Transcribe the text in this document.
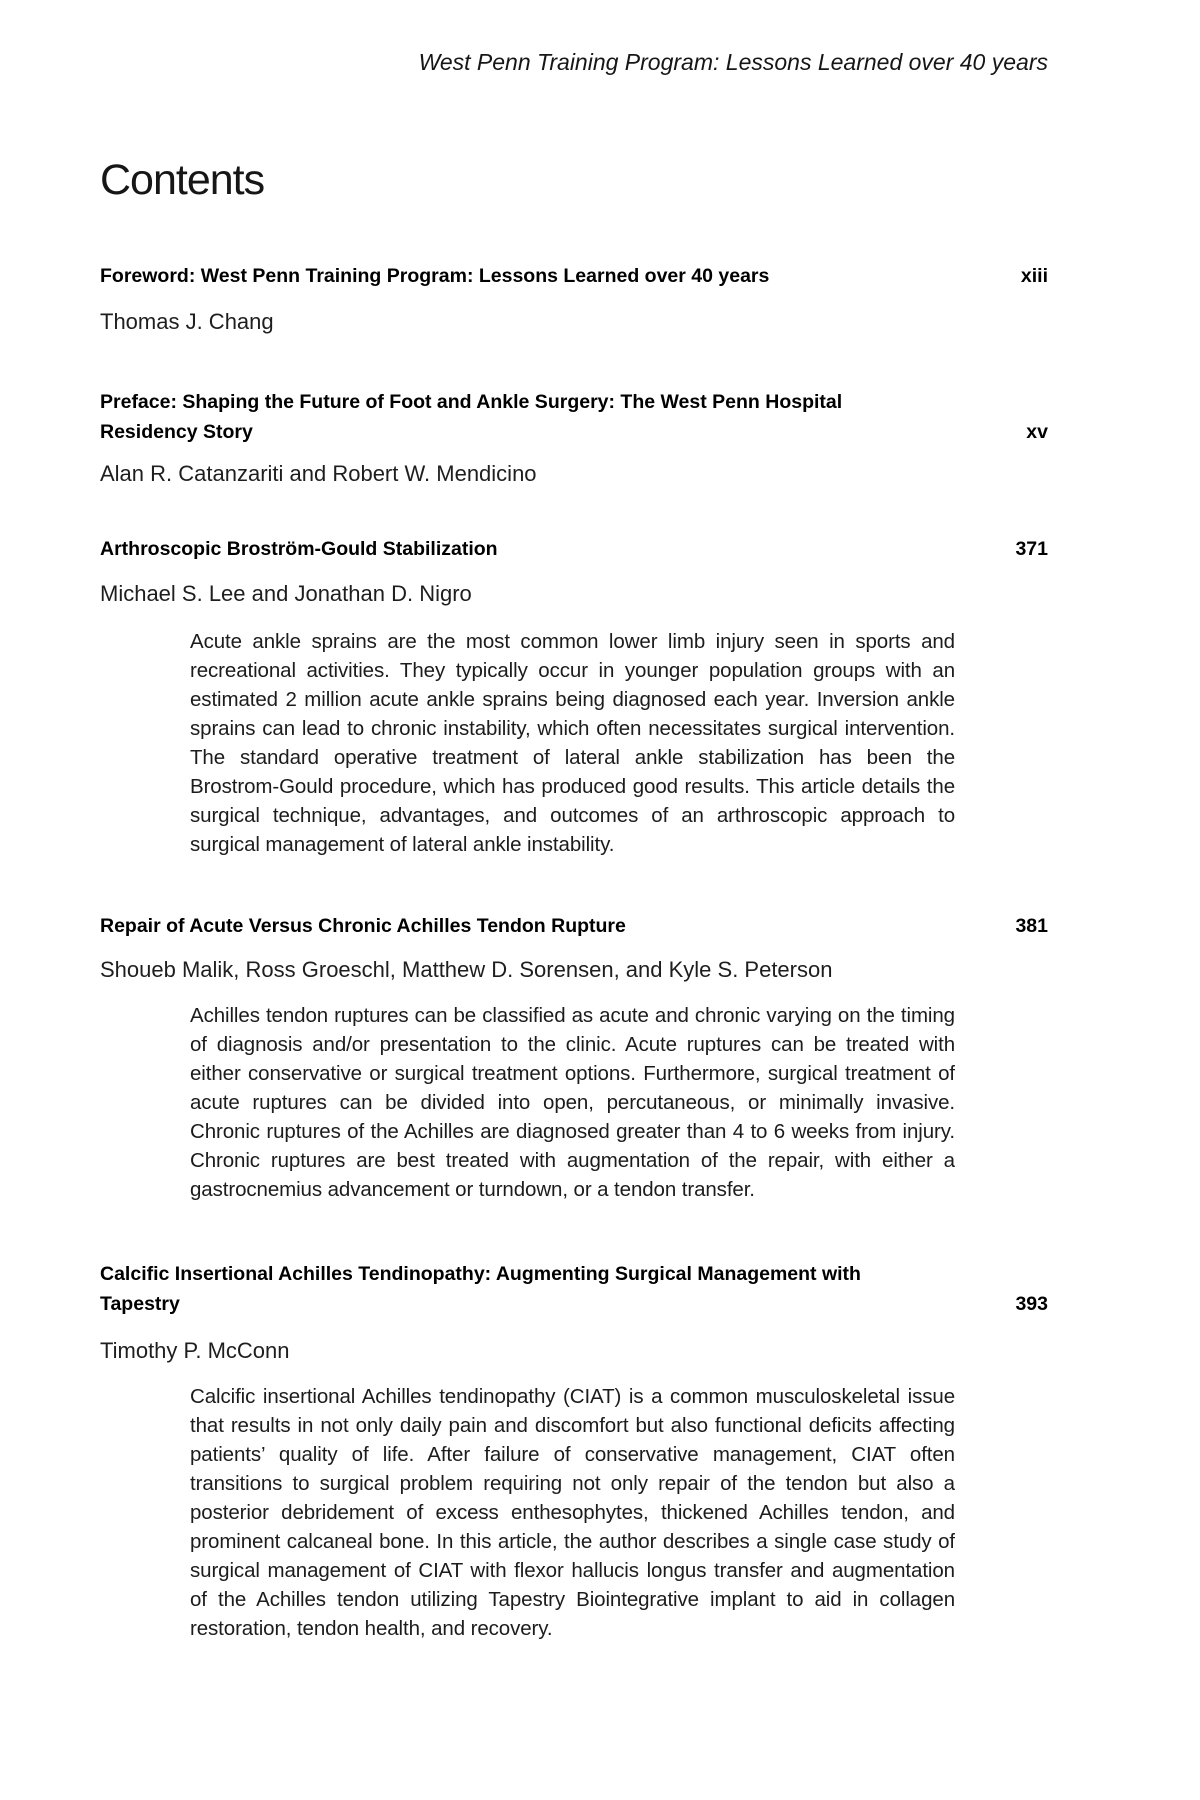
West Penn Training Program: Lessons Learned over 40 years
Contents
Foreword: West Penn Training Program: Lessons Learned over 40 years	xiii
Thomas J. Chang
Preface: Shaping the Future of Foot and Ankle Surgery: The West Penn Hospital
Residency Story	xv
Alan R. Catanzariti and Robert W. Mendicino
Arthroscopic Broström-Gould Stabilization	371
Michael S. Lee and Jonathan D. Nigro
Acute ankle sprains are the most common lower limb injury seen in sports and recreational activities. They typically occur in younger population groups with an estimated 2 million acute ankle sprains being diagnosed each year. Inversion ankle sprains can lead to chronic instability, which often necessitates surgical intervention. The standard operative treatment of lateral ankle stabilization has been the Brostrom-Gould procedure, which has produced good results. This article details the surgical technique, advantages, and outcomes of an arthroscopic approach to surgical management of lateral ankle instability.
Repair of Acute Versus Chronic Achilles Tendon Rupture	381
Shoueb Malik, Ross Groeschl, Matthew D. Sorensen, and Kyle S. Peterson
Achilles tendon ruptures can be classified as acute and chronic varying on the timing of diagnosis and/or presentation to the clinic. Acute ruptures can be treated with either conservative or surgical treatment options. Furthermore, surgical treatment of acute ruptures can be divided into open, percutaneous, or minimally invasive. Chronic ruptures of the Achilles are diagnosed greater than 4 to 6 weeks from injury. Chronic ruptures are best treated with augmentation of the repair, with either a gastrocnemius advancement or turndown, or a tendon transfer.
Calcific Insertional Achilles Tendinopathy: Augmenting Surgical Management with
Tapestry	393
Timothy P. McConn
Calcific insertional Achilles tendinopathy (CIAT) is a common musculoskeletal issue that results in not only daily pain and discomfort but also functional deficits affecting patients’ quality of life. After failure of conservative management, CIAT often transitions to surgical problem requiring not only repair of the tendon but also a posterior debridement of excess enthesophytes, thickened Achilles tendon, and prominent calcaneal bone. In this article, the author describes a single case study of surgical management of CIAT with flexor hallucis longus transfer and augmentation of the Achilles tendon utilizing Tapestry Biointegrative implant to aid in collagen restoration, tendon health, and recovery.
